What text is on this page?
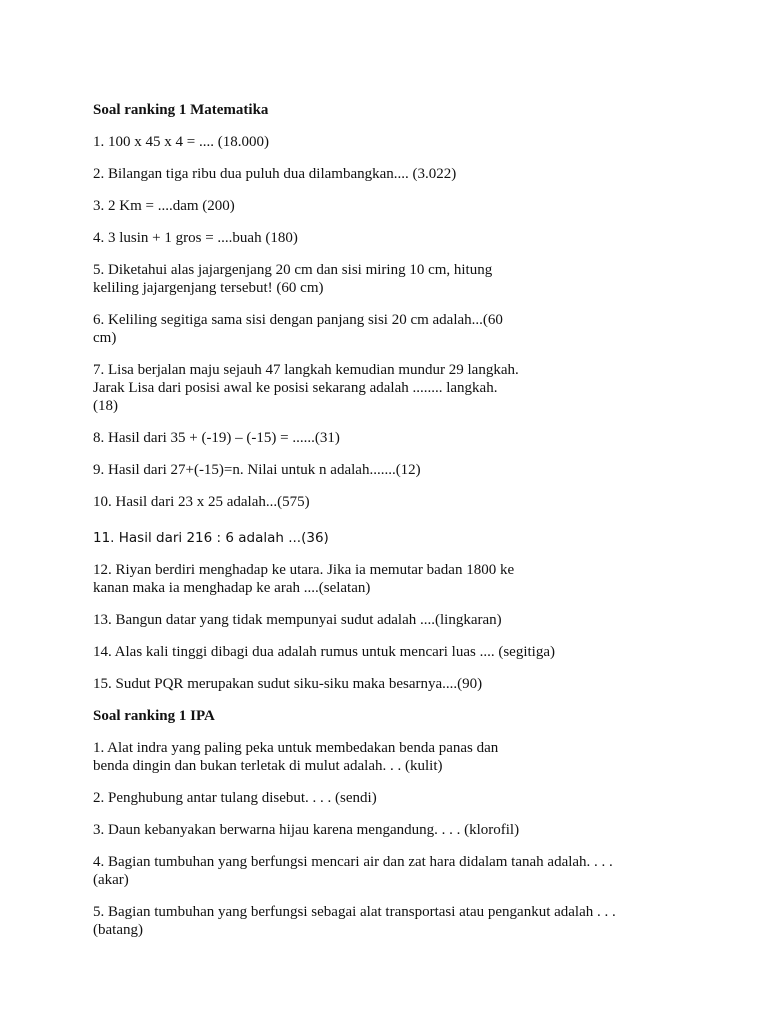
Soal ranking 1 Matematika
1. 100 x 45 x 4 = .... (18.000)
2. Bilangan tiga ribu dua puluh dua dilambangkan.... (3.022)
3. 2 Km = ....dam (200)
4. 3 lusin + 1 gros = ....buah (180)
5. Diketahui alas jajargenjang 20 cm dan sisi miring 10 cm, hitung
keliling jajargenjang tersebut! (60 cm)
6. Keliling segitiga sama sisi dengan panjang sisi 20 cm adalah...(60
cm)
7. Lisa berjalan maju sejauh 47 langkah kemudian mundur 29 langkah.
Jarak Lisa dari posisi awal ke posisi sekarang adalah ........ langkah.
(18)
8. Hasil dari 35 + (-19) – (-15) = ......(31)
9. Hasil dari 27+(-15)=n. Nilai untuk n adalah.......(12)
10. Hasil dari 23 x 25 adalah...(575)
11. Hasil dari 216 : 6 adalah ...(36)
12. Riyan berdiri menghadap ke utara. Jika ia memutar badan 1800 ke
kanan maka ia menghadap ke arah ....(selatan)
13. Bangun datar yang tidak mempunyai sudut adalah ....(lingkaran)
14. Alas kali tinggi dibagi dua adalah rumus untuk mencari luas .... (segitiga)
15. Sudut PQR merupakan sudut siku-siku maka besarnya....(90)
Soal ranking 1 IPA
1. Alat indra yang paling peka untuk membedakan benda panas dan
benda dingin dan bukan terletak di mulut adalah. . . (kulit)
2. Penghubung antar tulang disebut. . . . (sendi)
3. Daun kebanyakan berwarna hijau karena mengandung. . . . (klorofil)
4. Bagian tumbuhan yang berfungsi mencari air dan zat hara didalam tanah adalah. . . .
(akar)
5. Bagian tumbuhan yang berfungsi sebagai alat transportasi atau pengankut adalah . . .
(batang)
